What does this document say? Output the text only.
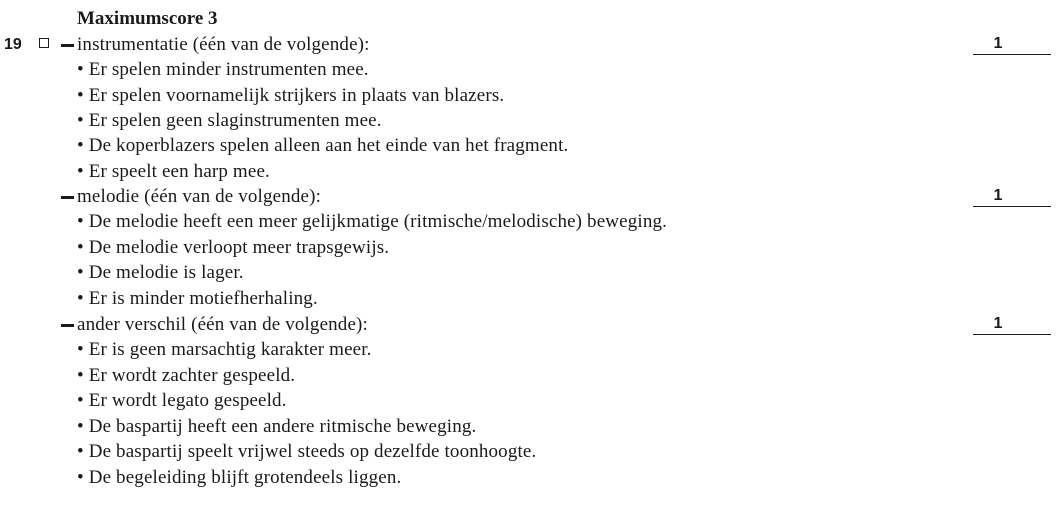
Maximumscore 3
19	instrumentatie (één van de volgende):	1
• Er spelen minder instrumenten mee.
• Er spelen voornamelijk strijkers in plaats van blazers.
• Er spelen geen slaginstrumenten mee.
• De koperblazers spelen alleen aan het einde van het fragment.
• Er speelt een harp mee.
melodie (één van de volgende):	1
• De melodie heeft een meer gelijkmatige (ritmische/melodische) beweging.
• De melodie verloopt meer trapsgewijs.
• De melodie is lager.
• Er is minder motiefherhaling.
ander verschil (één van de volgende):	1
• Er is geen marsachtig karakter meer.
• Er wordt zachter gespeeld.
• Er wordt legato gespeeld.
• De baspartij heeft een andere ritmische beweging.
• De baspartij speelt vrijwel steeds op dezelfde toonhoogte.
• De begeleiding blijft grotendeels liggen.
